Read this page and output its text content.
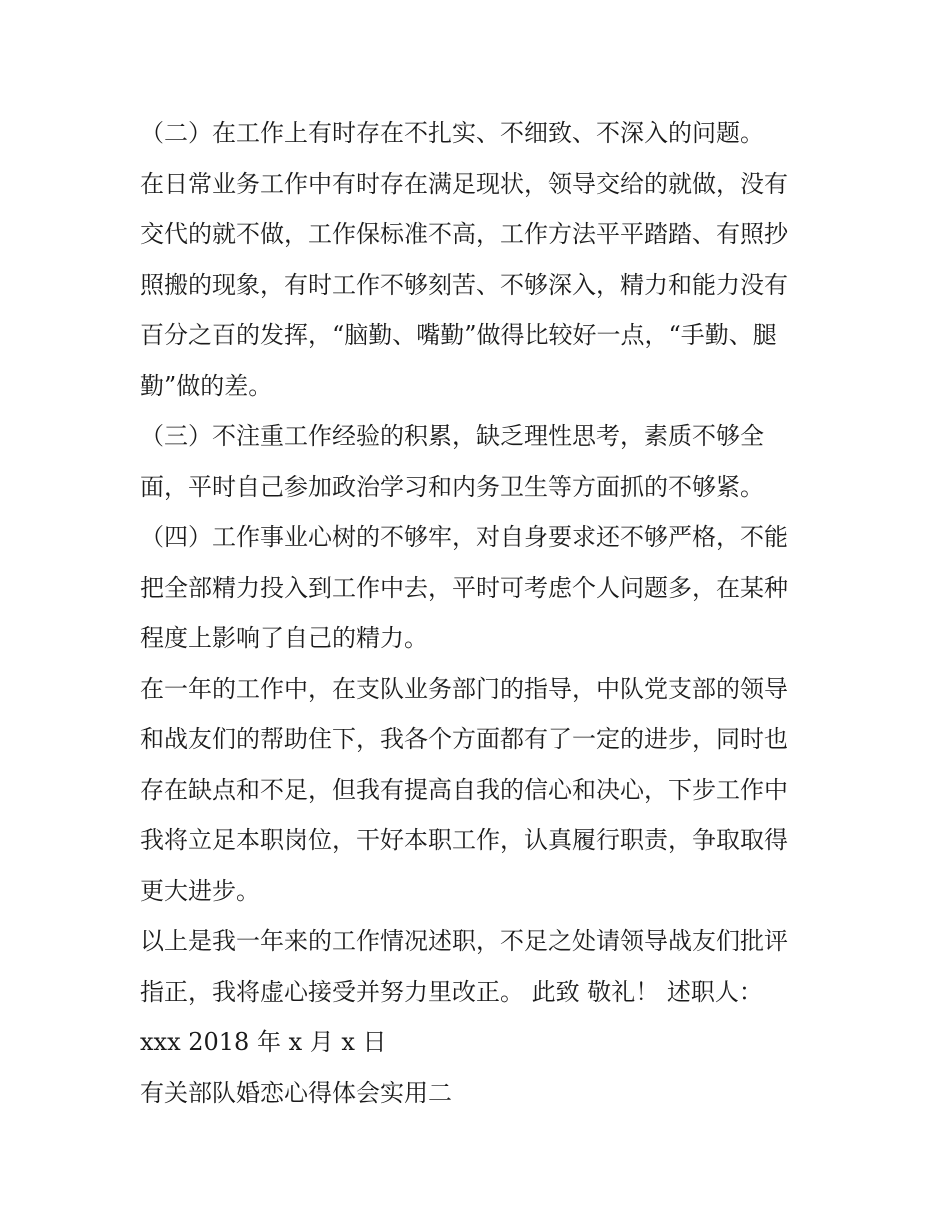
（二）在工作上有时存在不扎实、不细致、不深入的问题。
在日常业务工作中有时存在满足现状，领导交给的就做，没有
交代的就不做，工作保标准不高，工作方法平平踏踏、有照抄
照搬的现象，有时工作不够刻苦、不够深入，精力和能力没有
百分之百的发挥，“脑勤、嘴勤”做得比较好一点，“手勤、腿
勤”做的差。
（三）不注重工作经验的积累，缺乏理性思考，素质不够全
面，平时自己参加政治学习和内务卫生等方面抓的不够紧。
（四）工作事业心树的不够牢，对自身要求还不够严格，不能
把全部精力投入到工作中去，平时可考虑个人问题多，在某种
程度上影响了自己的精力。
在一年的工作中，在支队业务部门的指导，中队党支部的领导
和战友们的帮助住下，我各个方面都有了一定的进步，同时也
存在缺点和不足，但我有提高自我的信心和决心，下步工作中
我将立足本职岗位，干好本职工作，认真履行职责，争取取得
更大进步。
以上是我一年来的工作情况述职，不足之处请领导战友们批评
指正，我将虚心接受并努力里改正。 此致 敬礼！ 述职人：
xxx 2018 年 x 月 x 日
有关部队婚恋心得体会实用二
